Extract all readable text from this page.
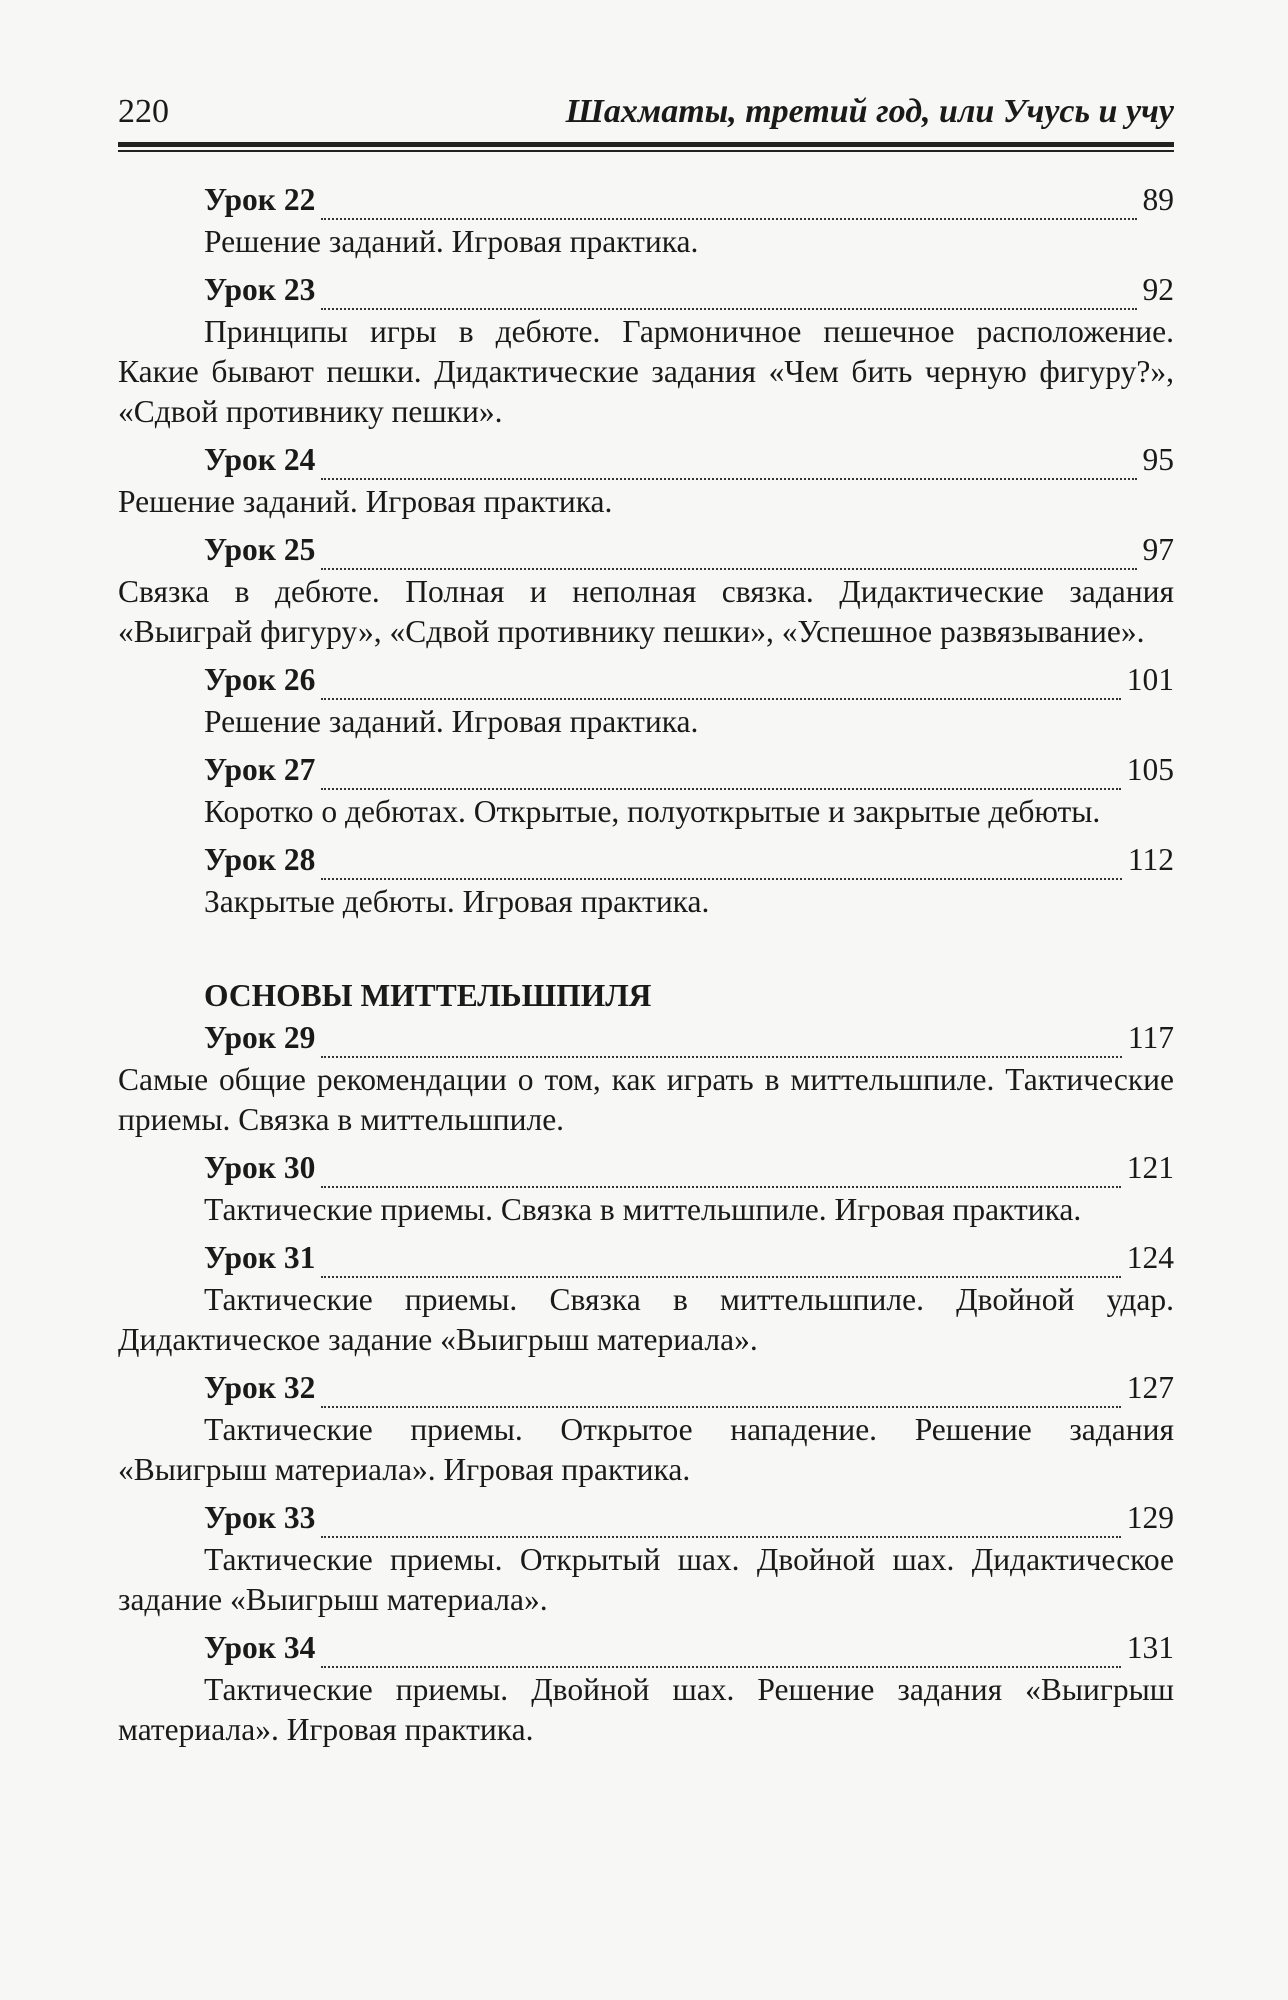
220	Шахматы, третий год, или Учусь и учу
Урок 22	89

Решение заданий. Игровая практика.

Урок 23	92

Принципы игры в дебюте. Гармоничное пешечное расположение. Какие бывают пешки. Дидактические задания «Чем бить черную фигуру?», «Сдвой противнику пешки».

Урок 24	95

Решение заданий. Игровая практика.

Урок 25	97

Связка в дебюте. Полная и неполная связка. Дидактические задания «Выиграй фигуру», «Сдвой противнику пешки», «Успешное развязывание».

Урок 26	101

Решение заданий. Игровая практика.

Урок 27	105

Коротко о дебютах. Открытые, полуоткрытые и закрытые дебюты.

Урок 28	112

Закрытые дебюты. Игровая практика.

ОСНОВЫ МИТТЕЛЬШПИЛЯ
Урок 29	117

Самые общие рекомендации о том, как играть в миттельшпиле. Тактические приемы. Связка в миттельшпиле.

Урок 30	121

Тактические приемы. Связка в миттельшпиле. Игровая практика.

Урок 31	124

Тактические приемы. Связка в миттельшпиле. Двойной удар. Дидактическое задание «Выигрыш материала».

Урок 32	127

Тактические приемы. Открытое нападение. Решение задания «Выигрыш материала». Игровая практика.

Урок 33	129

Тактические приемы. Открытый шах. Двойной шах. Дидактическое задание «Выигрыш материала».

Урок 34	131

Тактические приемы. Двойной шах. Решение задания «Выигрыш материала». Игровая практика.
